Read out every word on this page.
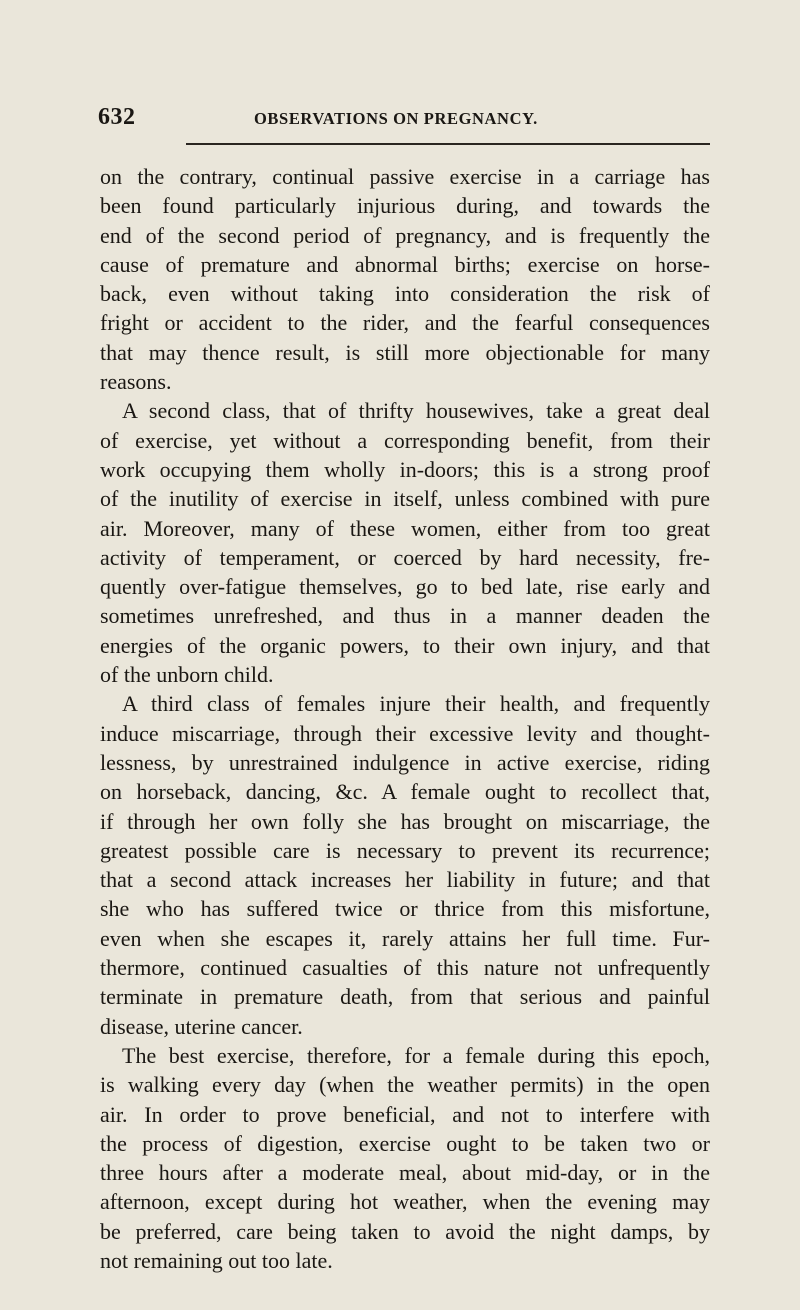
632	OBSERVATIONS ON PREGNANCY.
on the contrary, continual passive exercise in a carriage has
been found particularly injurious during, and towards the
end of the second period of pregnancy, and is frequently the
cause of premature and abnormal births; exercise on horse-
back, even without taking into consideration the risk of
fright or accident to the rider, and the fearful consequences
that may thence result, is still more objectionable for many
reasons.
A second class, that of thrifty housewives, take a great deal
of exercise, yet without a corresponding benefit, from their
work occupying them wholly in-doors; this is a strong proof
of the inutility of exercise in itself, unless combined with pure
air. Moreover, many of these women, either from too great
activity of temperament, or coerced by hard necessity, fre-
quently over-fatigue themselves, go to bed late, rise early and
sometimes unrefreshed, and thus in a manner deaden the
energies of the organic powers, to their own injury, and that
of the unborn child.
A third class of females injure their health, and frequently
induce miscarriage, through their excessive levity and thought-
lessness, by unrestrained indulgence in active exercise, riding
on horseback, dancing, &c. A female ought to recollect that,
if through her own folly she has brought on miscarriage, the
greatest possible care is necessary to prevent its recurrence;
that a second attack increases her liability in future; and that
she who has suffered twice or thrice from this misfortune,
even when she escapes it, rarely attains her full time. Fur-
thermore, continued casualties of this nature not unfrequently
terminate in premature death, from that serious and painful
disease, uterine cancer.
The best exercise, therefore, for a female during this epoch,
is walking every day (when the weather permits) in the open
air. In order to prove beneficial, and not to interfere with
the process of digestion, exercise ought to be taken two or
three hours after a moderate meal, about mid-day, or in the
afternoon, except during hot weather, when the evening may
be preferred, care being taken to avoid the night damps, by
not remaining out too late.
